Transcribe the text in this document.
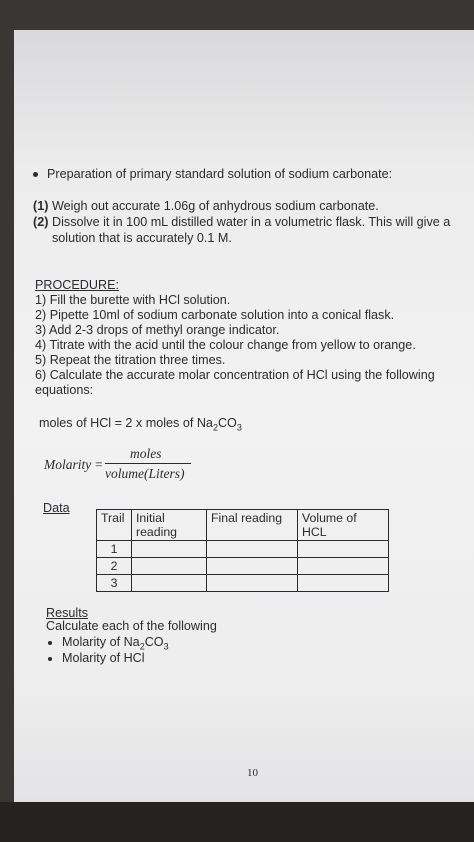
Preparation of primary standard solution of sodium carbonate:
(1) Weigh out accurate 1.06g of anhydrous sodium carbonate.
(2) Dissolve it in 100 mL distilled water in a volumetric flask. This will give a
solution that is accurately 0.1 M.
PROCEDURE:
1) Fill the burette with HCl solution.
2) Pipette 10ml of sodium carbonate solution into a conical flask.
3) Add 2-3 drops of methyl orange indicator.
4) Titrate with the acid until the colour change from yellow to orange.
5) Repeat the titration three times.
6) Calculate the accurate molar concentration of HCl using the following
equations:
moles of HCl = 2 x moles of $Na_2CO_3$
Molarity =
moles
volume(Liters)
Data
Trail	Initial reading	Final reading	Volume of HCL
1			
2			
3			
Results
Calculate each of the following
Molarity of $Na_2CO_3$
Molarity of HCl
10
